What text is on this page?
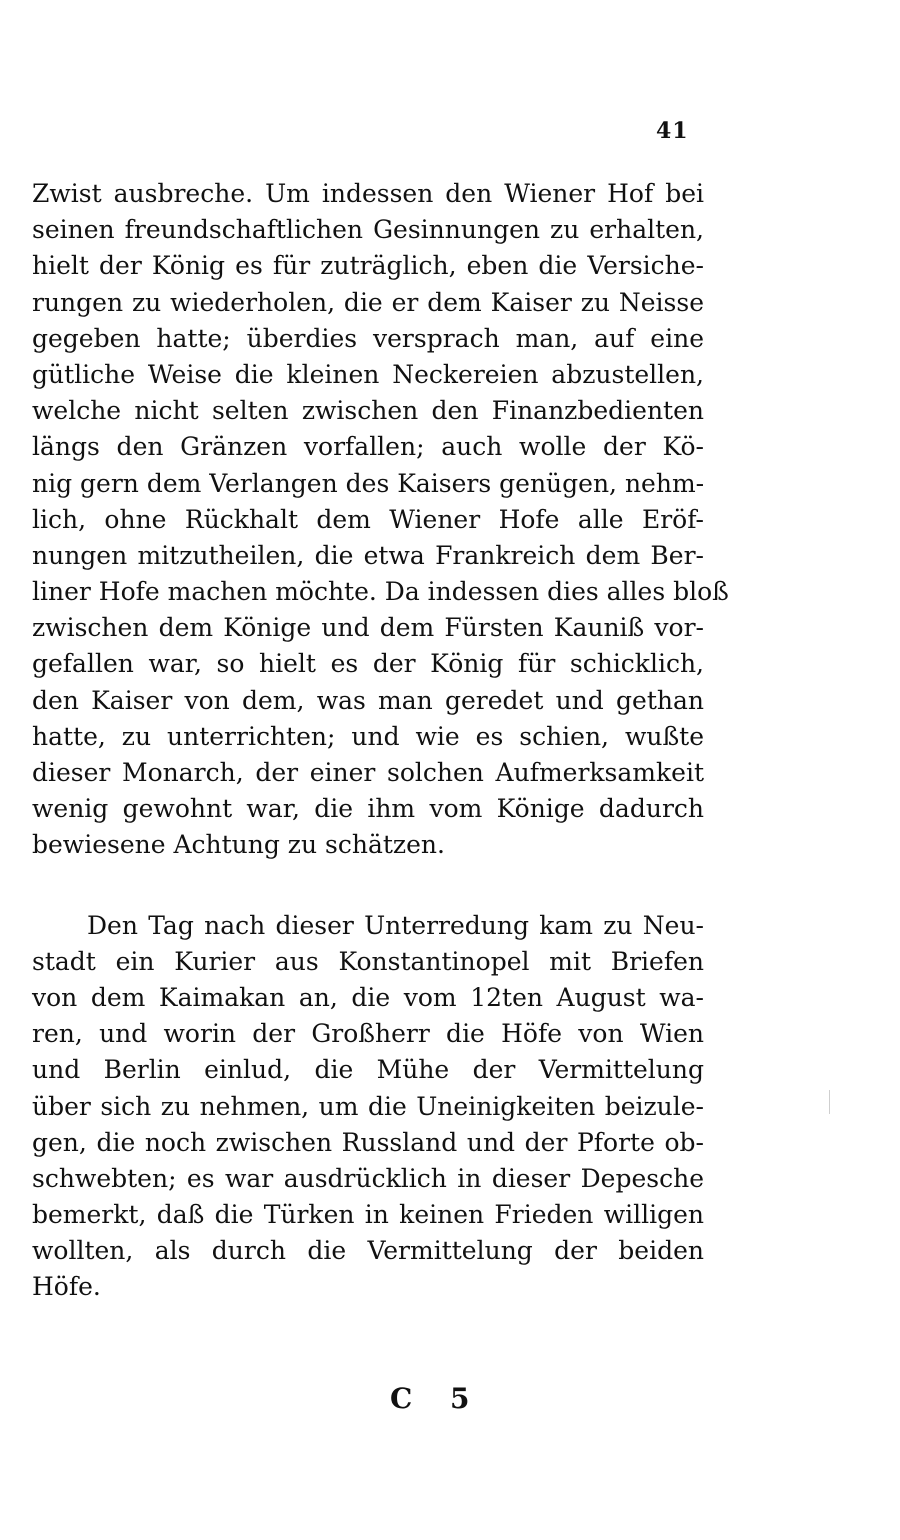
41
Zwist ausbreche. Um indessen den Wiener Hof bei
seinen freundschaftlichen Gesinnungen zu erhalten,
hielt der König es für zuträglich, eben die Versiche-
rungen zu wiederholen, die er dem Kaiser zu Neisse
gegeben hatte; überdies versprach man, auf eine
gütliche Weise die kleinen Neckereien abzustellen,
welche nicht selten zwischen den Finanzbedienten
längs den Gränzen vorfallen; auch wolle der Kö-
nig gern dem Verlangen des Kaisers genügen, nehm-
lich, ohne Rückhalt dem Wiener Hofe alle Eröf-
nungen mitzutheilen, die etwa Frankreich dem Ber-
liner Hofe machen möchte. Da indessen dies alles bloß
zwischen dem Könige und dem Fürsten Kauniß vor-
gefallen war, so hielt es der König für schicklich,
den Kaiser von dem, was man geredet und gethan
hatte, zu unterrichten; und wie es schien, wußte
dieser Monarch, der einer solchen Aufmerksamkeit
wenig gewohnt war, die ihm vom Könige dadurch
bewiesene Achtung zu schätzen.
Den Tag nach dieser Unterredung kam zu Neu-
stadt ein Kurier aus Konstantinopel mit Briefen
von dem Kaimakan an, die vom 12ten August wa-
ren, und worin der Großherr die Höfe von Wien
und Berlin einlud, die Mühe der Vermittelung
über sich zu nehmen, um die Uneinigkeiten beizule-
gen, die noch zwischen Russland und der Pforte ob-
schwebten; es war ausdrücklich in dieser Depesche
bemerkt, daß die Türken in keinen Frieden willigen
wollten, als durch die Vermittelung der beiden
Höfe.
C 5
